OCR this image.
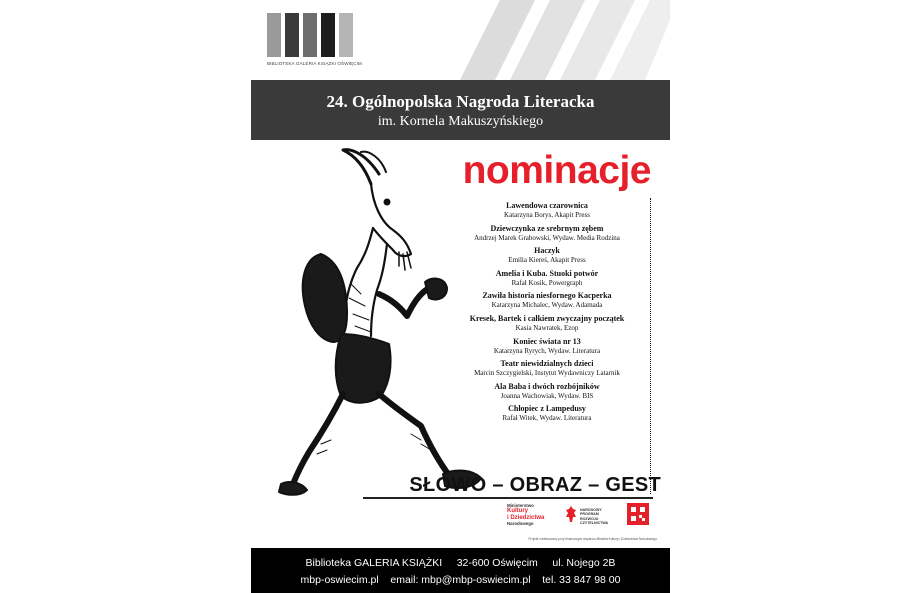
BIBLIOTEKA GALERIA KSIĄŻKI OŚWIĘCIM
24. Ogólnopolska Nagroda Literacka
im. Kornela Makuszyńskiego
nominacje
Lawendowa czarownica
Katarzyna Borys, Akapit Press
Dziewczynka ze srebrnym zębem
Andrzej Marek Grabowski, Wydaw. Media Rodzina
Haczyk
Emilia Kiereś, Akapit Press
Amelia i Kuba. Stuoki potwór
Rafał Kosik, Powergraph
Zawiła historia niesfornego Kacperka
Katarzyna Michalec, Wydaw. Adamada
Kresek, Bartek i całkiem zwyczajny początek
Kasia Nawratek, Ezop
Koniec świata nr 13
Katarzyna Ryrych, Wydaw. Literatura
Teatr niewidzialnych dzieci
Marcin Szczygielski, Instytut Wydawniczy Latarnik
Ala Baba i dwóch rozbójników
Joanna Wachowiak, Wydaw. BIS
Chłopiec z Lampedusy
Rafał Witek, Wydaw. Literatura
SŁOWO – OBRAZ – GEST
Ministerstwo
Kultury
i Dziedzictwa
Narodowego
NARODOWY
PROGRAM
ROZWOJU
CZYTELNICTWA
Projekt zrealizowany przy finansowym wsparciu Ministra Kultury i Dziedzictwa Narodowego
Biblioteka GALERIA KSIĄŻKI     32-600 Oświęcim     ul. Nojego 2B
mbp-oswiecim.pl    email: mbp@mbp-oswiecim.pl    tel. 33 847 98 00
